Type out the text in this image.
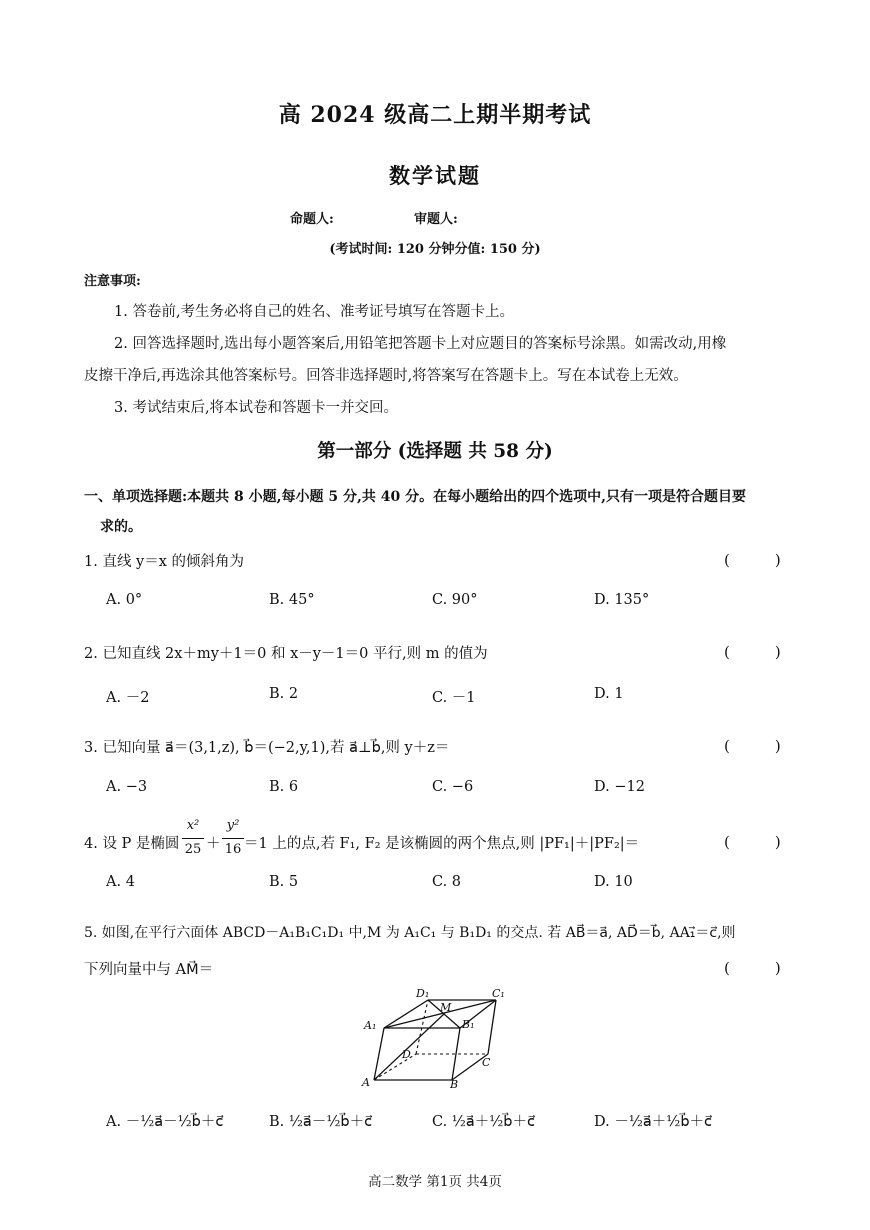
高 2024 级高二上期半期考试
数学试题
命题人:	审题人:
(考试时间: 120 分钟分值: 150 分)
注意事项:
1. 答卷前,考生务必将自己的姓名、准考证号填写在答题卡上。
2. 回答选择题时,选出每小题答案后,用铅笔把答题卡上对应题目的答案标号涂黑。如需改动,用橡
皮擦干净后,再选涂其他答案标号。回答非选择题时,将答案写在答题卡上。写在本试卷上无效。
3. 考试结束后,将本试卷和答题卡一并交回。
第一部分 (选择题 共 58 分)
一、单项选择题:本题共 8 小题,每小题 5 分,共 40 分。在每小题给出的四个选项中,只有一项是符合题目要
求的。
1. 直线 y＝x 的倾斜角为	(　　　)
A. 0°	B. 45°	C. 90°	D. 135°
2. 已知直线 2x＋my＋1＝0 和 x－y－1＝0 平行,则 m 的值为	(　　　)
A. －2	B. 2	C. －1	D. 1
3. 已知向量 a⃗＝(3,1,z), b⃗＝(−2,y,1),若 a⃗⊥b⃗,则 y＋z＝	(　　　)
A. −3	B. 6	C. −6	D. −12
4. 设 P 是椭圆
x²
25 ＋
y²
16 ＝1 上的点,若 F₁, F₂ 是该椭圆的两个焦点,则 |PF₁|＋|PF₂|＝	(　　　)
A. 4	B. 5	C. 8	D. 10
5. 如图,在平行六面体 ABCD－A₁B₁C₁D₁ 中,M 为 A₁C₁ 与 B₁D₁ 的交点. 若 AB⃗＝a⃗, AD⃗＝b⃗, AA₁⃗＝c⃗,则
下列向量中与 AM⃗＝	(　　　)
D₁
M
C₁
A₁	B₁
D
C
A	B
A. －½a⃗－½b⃗＋c⃗	B. ½a⃗－½b⃗＋c⃗	C. ½a⃗＋½b⃗＋c⃗	D. －½a⃗＋½b⃗＋c⃗
高二数学 第1页 共4页
